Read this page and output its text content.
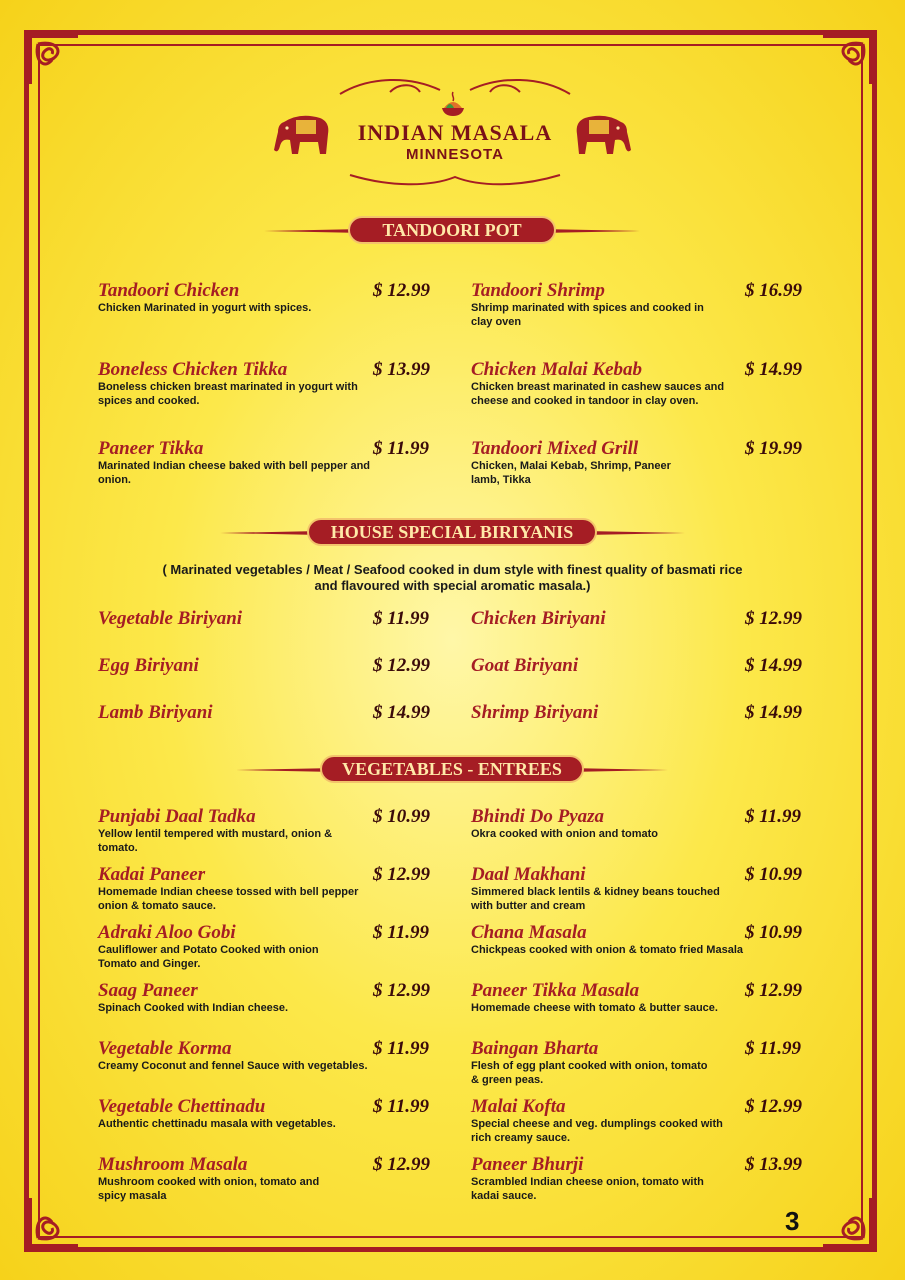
INDIAN MASALA
MINNESOTA
TANDOORI POT
HOUSE SPECIAL BIRIYANIS
VEGETABLES - ENTREES
Tandoori Chicken	$ 12.99
Chicken Marinated in yogurt with spices.
Boneless Chicken Tikka	$ 13.99
Boneless chicken breast marinated in yogurt with spices and cooked.
Paneer Tikka	$ 11.99
Marinated Indian cheese baked with bell pepper and onion.
Tandoori Shrimp	$ 16.99
Shrimp marinated with spices and cooked in clay oven
Chicken Malai Kebab	$ 14.99
Chicken breast marinated in cashew sauces and cheese and cooked in tandoor in clay oven.
Tandoori Mixed Grill	$ 19.99
Chicken, Malai Kebab, Shrimp, Paneer lamb, Tikka
( Marinated vegetables / Meat / Seafood cooked in dum style with finest quality of basmati rice and flavoured with special aromatic masala.)
Vegetable Biriyani	$ 11.99
Egg Biriyani	$ 12.99
Lamb Biriyani	$ 14.99
Chicken Biriyani	$ 12.99
Goat Biriyani	$ 14.99
Shrimp Biriyani	$ 14.99
Punjabi Daal Tadka	$ 10.99
Yellow lentil tempered with mustard, onion & tomato.
Kadai Paneer	$ 12.99
Homemade Indian cheese tossed with bell pepper onion & tomato sauce.
Adraki Aloo Gobi	$ 11.99
Cauliflower and Potato Cooked with onion Tomato and Ginger.
Saag Paneer	$ 12.99
Spinach Cooked with Indian cheese.
Vegetable Korma	$ 11.99
Creamy Coconut and fennel Sauce with vegetables.
Vegetable Chettinadu	$ 11.99
Authentic chettinadu masala with vegetables.
Mushroom Masala	$ 12.99
Mushroom cooked with onion, tomato and spicy masala
Bhindi Do Pyaza	$ 11.99
Okra cooked with onion and tomato
Daal Makhani	$ 10.99
Simmered black lentils & kidney beans touched with butter and cream
Chana Masala	$ 10.99
Chickpeas cooked with onion & tomato fried Masala
Paneer Tikka Masala	$ 12.99
Homemade cheese with tomato & butter sauce.
Baingan Bharta	$ 11.99
Flesh of egg plant cooked with onion, tomato & green peas.
Malai Kofta	$ 12.99
Special cheese and veg. dumplings cooked with rich creamy sauce.
Paneer Bhurji	$ 13.99
Scrambled Indian cheese onion, tomato with kadai sauce.
3
